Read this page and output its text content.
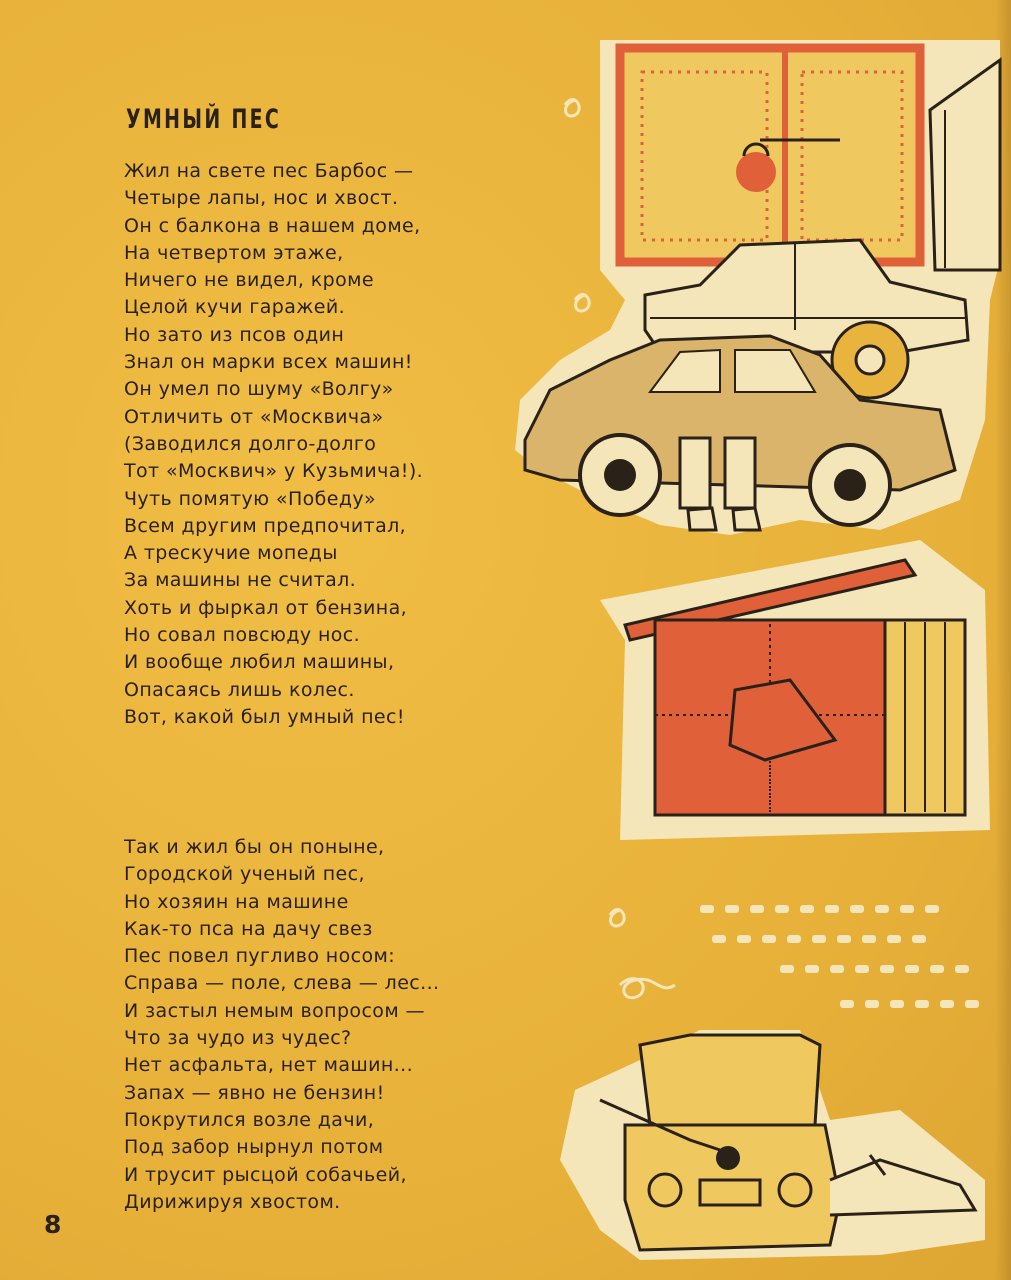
УМНЫЙ ПЕС
Жил на свете пес Барбос —
Четыре лапы, нос и хвост.
Он с балкона в нашем доме,
На четвертом этаже,
Ничего не видел, кроме
Целой кучи гаражей.
Но зато из псов один
Знал он марки всех машин!
Он умел по шуму «Волгу»
Отличить от «Москвича»
(Заводился долго-долго
Тот «Москвич» у Кузьмича!).
Чуть помятую «Победу»
Всем другим предпочитал,
А трескучие мопеды
За машины не считал.
Хоть и фыркал от бензина,
Но совал повсюду нос.
И вообще любил машины,
Опасаясь лишь колес.
Вот, какой был умный пес!
Так и жил бы он поныне,
Городской ученый пес,
Но хозяин на машине
Как-то пса на дачу свез
Пес повел пугливо носом:
Справа — поле, слева — лес...
И застыл немым вопросом —
Что за чудо из чудес?
Нет асфальта, нет машин...
Запах — явно не бензин!
Покрутился возле дачи,
Под забор нырнул потом
И трусит рысцой собачьей,
Дирижируя хвостом.
8
